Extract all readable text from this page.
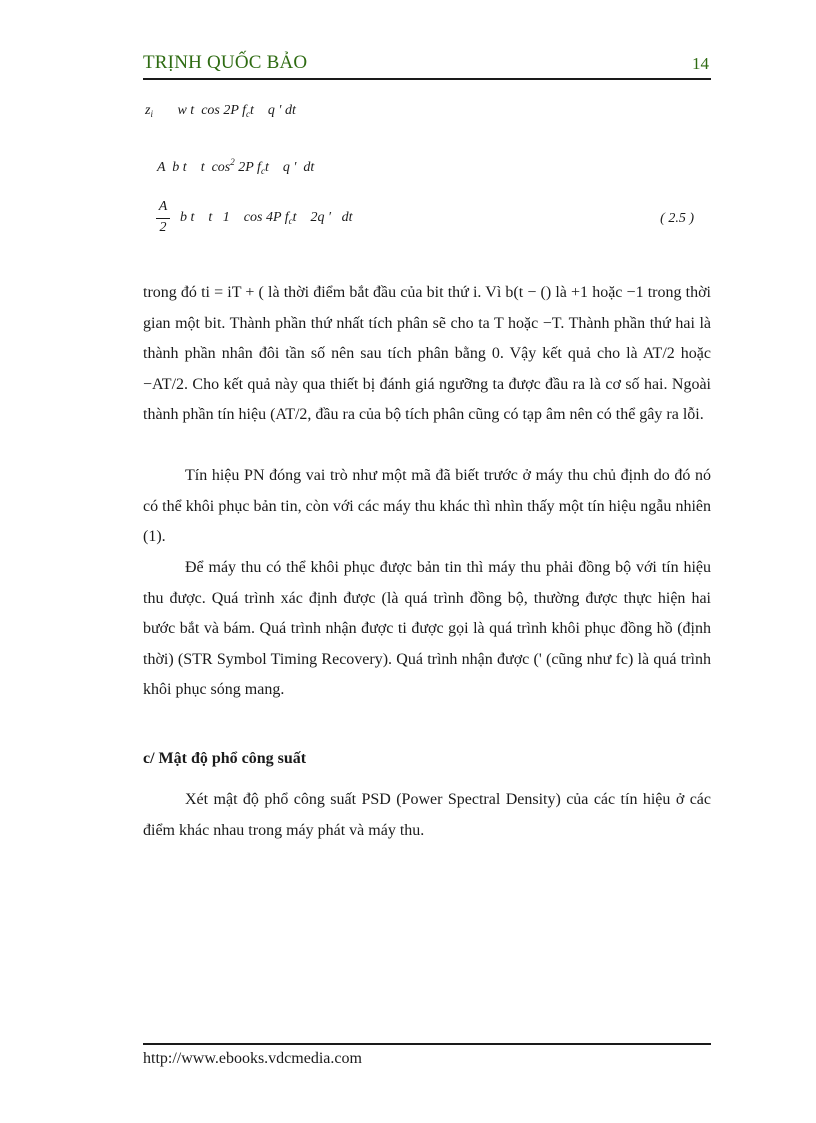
TRỊNH QUỐC BẢO	14
$z_i$ w t  cos 2P $f_ct$    q ′ dt
A  b t    t  $\cos^2 2P$ $f_ct$    q ′  dt
A
2
b t    t   1    cos 4P $f_ct$    2q ′   dt	( 2.5 )
trong đó ti = iT + ( là thời điểm bắt đầu của bit thứ i. Vì b(t − () là +1 hoặc −1 trong thời gian một bit. Thành phần thứ nhất tích phân sẽ cho ta T hoặc −T. Thành phần thứ hai là thành phần nhân đôi tần số nên sau tích phân bằng 0. Vậy kết quả cho là AT/2 hoặc −AT/2. Cho kết quả này qua thiết bị đánh giá ngưỡng ta được đầu ra là cơ số hai. Ngoài thành phần tín hiệu (AT/2, đầu ra của bộ tích phân cũng có tạp âm nên có thể gây ra lỗi.
Tín hiệu PN đóng vai trò như một mã đã biết trước ở máy thu chủ định do đó nó có thể khôi phục bản tin, còn với các máy thu khác thì nhìn thấy một tín hiệu ngẫu nhiên (1).
Để máy thu có thể khôi phục được bản tin thì máy thu phải đồng bộ với tín hiệu thu được. Quá trình xác định được (là quá trình đồng bộ, thường được thực hiện hai bước bắt và bám. Quá trình nhận được ti được gọi là quá trình khôi phục đồng hồ (định thời) (STR Symbol Timing Recovery). Quá trình nhận được (' (cũng như fc) là quá trình khôi phục sóng mang.
c/ Mật độ phổ công suất
Xét mật độ phổ công suất PSD (Power Spectral Density) của các tín hiệu ở các điểm khác nhau trong máy phát và máy thu.
http://www.ebooks.vdcmedia.com
